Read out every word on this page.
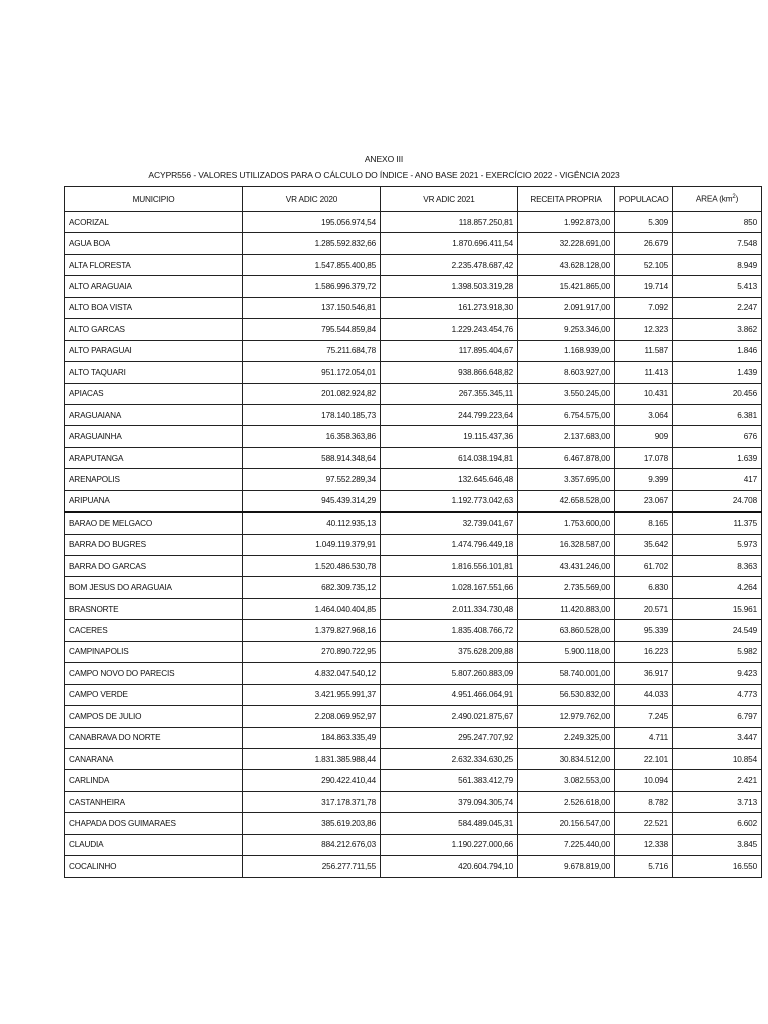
ANEXO III
ACYPR556 - VALORES UTILIZADOS PARA O CÁLCULO DO ÍNDICE - ANO BASE 2021 - EXERCÍCIO 2022 - VIGÊNCIA 2023
MUNICIPIO	VR ADIC 2020	VR ADIC 2021	RECEITA PROPRIA	POPULACAO	AREA $(km^2)$
ACORIZAL	195.056.974,54	118.857.250,81	1.992.873,00	5.309	850
AGUA BOA	1.285.592.832,66	1.870.696.411,54	32.228.691,00	26.679	7.548
ALTA FLORESTA	1.547.855.400,85	2.235.478.687,42	43.628.128,00	52.105	8.949
ALTO ARAGUAIA	1.586.996.379,72	1.398.503.319,28	15.421.865,00	19.714	5.413
ALTO BOA VISTA	137.150.546,81	161.273.918,30	2.091.917,00	7.092	2.247
ALTO GARCAS	795.544.859,84	1.229.243.454,76	9.253.346,00	12.323	3.862
ALTO PARAGUAI	75.211.684,78	117.895.404,67	1.168.939,00	11.587	1.846
ALTO TAQUARI	951.172.054,01	938.866.648,82	8.603.927,00	11.413	1.439
APIACAS	201.082.924,82	267.355.345,11	3.550.245,00	10.431	20.456
ARAGUAIANA	178.140.185,73	244.799.223,64	6.754.575,00	3.064	6.381
ARAGUAINHA	16.358.363,86	19.115.437,36	2.137.683,00	909	676
ARAPUTANGA	588.914.348,64	614.038.194,81	6.467.878,00	17.078	1.639
ARENAPOLIS	97.552.289,34	132.645.646,48	3.357.695,00	9.399	417
ARIPUANA	945.439.314,29	1.192.773.042,63	42.658.528,00	23.067	24.708
BARAO DE MELGACO	40.112.935,13	32.739.041,67	1.753.600,00	8.165	11.375
BARRA DO BUGRES	1.049.119.379,91	1.474.796.449,18	16.328.587,00	35.642	5.973
BARRA DO GARCAS	1.520.486.530,78	1.816.556.101,81	43.431.246,00	61.702	8.363
BOM JESUS DO ARAGUAIA	682.309.735,12	1.028.167.551,66	2.735.569,00	6.830	4.264
BRASNORTE	1.464.040.404,85	2.011.334.730,48	11.420.883,00	20.571	15.961
CACERES	1.379.827.968,16	1.835.408.766,72	63.860.528,00	95.339	24.549
CAMPINAPOLIS	270.890.722,95	375.628.209,88	5.900.118,00	16.223	5.982
CAMPO NOVO DO PARECIS	4.832.047.540,12	5.807.260.883,09	58.740.001,00	36.917	9.423
CAMPO VERDE	3.421.955.991,37	4.951.466.064,91	56.530.832,00	44.033	4.773
CAMPOS DE JULIO	2.208.069.952,97	2.490.021.875,67	12.979.762,00	7.245	6.797
CANABRAVA DO NORTE	184.863.335,49	295.247.707,92	2.249.325,00	4.711	3.447
CANARANA	1.831.385.988,44	2.632.334.630,25	30.834.512,00	22.101	10.854
CARLINDA	290.422.410,44	561.383.412,79	3.082.553,00	10.094	2.421
CASTANHEIRA	317.178.371,78	379.094.305,74	2.526.618,00	8.782	3.713
CHAPADA DOS GUIMARAES	385.619.203,86	584.489.045,31	20.156.547,00	22.521	6.602
CLAUDIA	884.212.676,03	1.190.227.000,66	7.225.440,00	12.338	3.845
COCALINHO	256.277.711,55	420.604.794,10	9.678.819,00	5.716	16.550
